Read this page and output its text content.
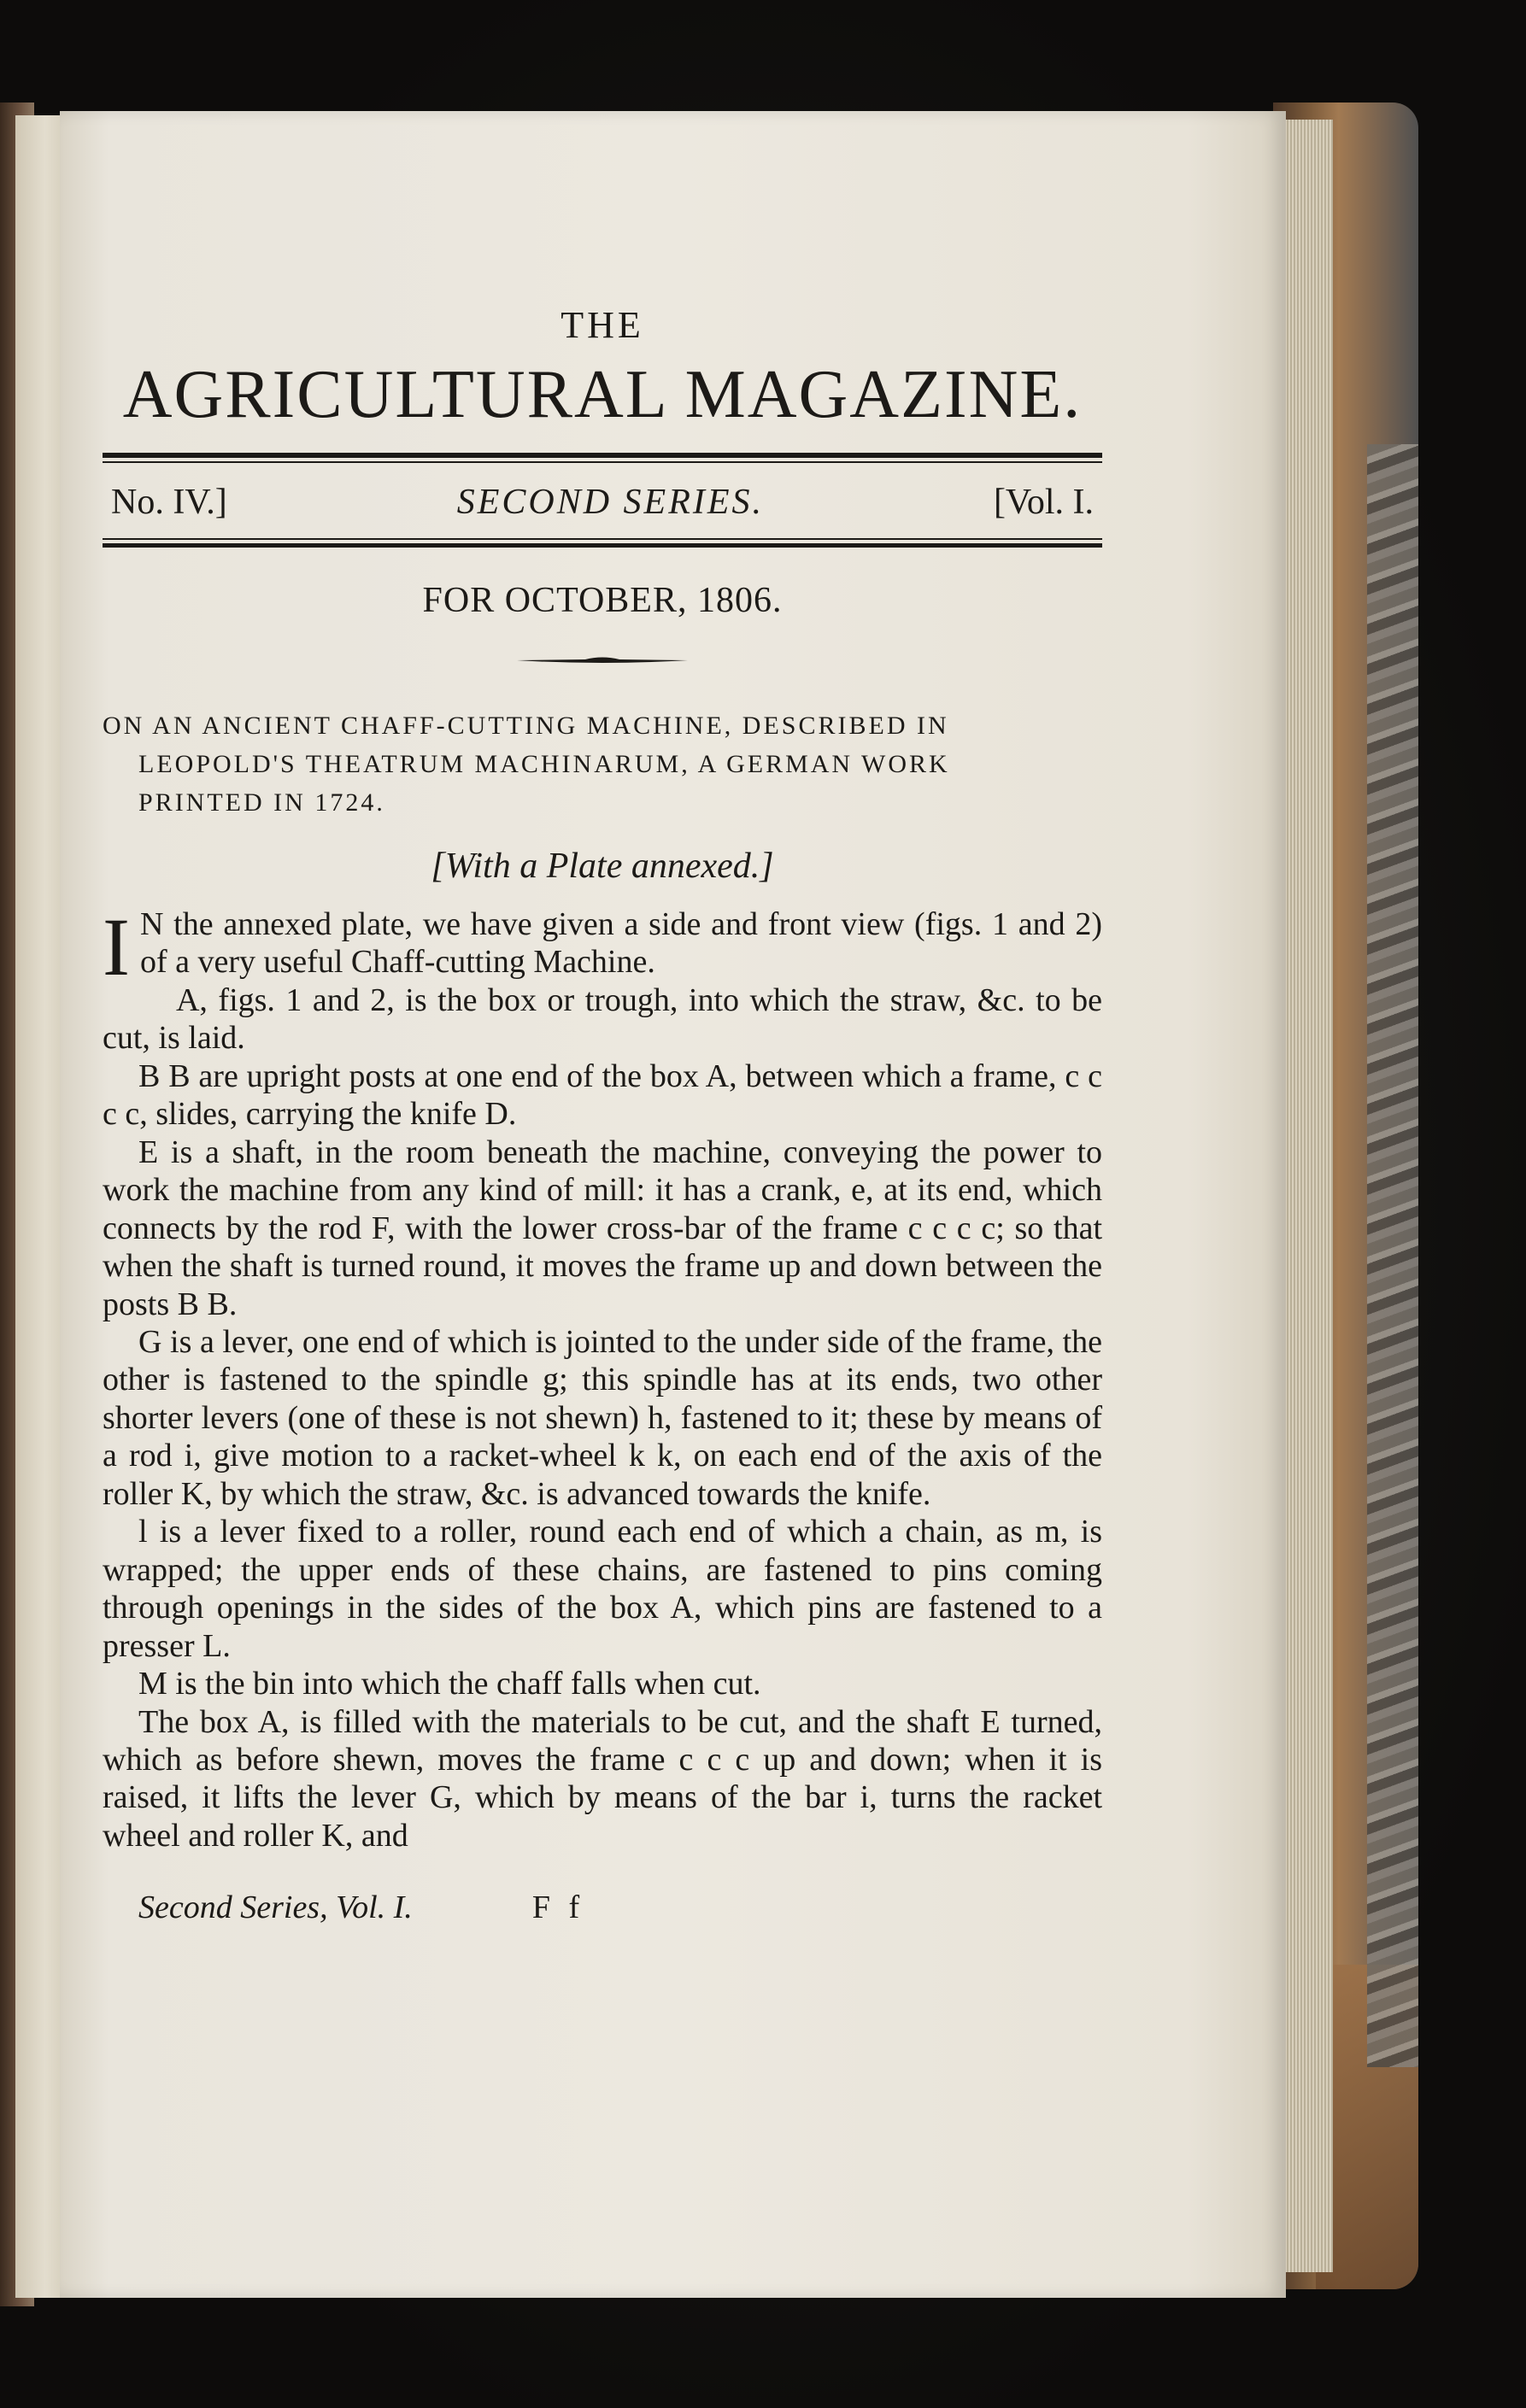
THE
AGRICULTURAL MAGAZINE.
No. IV.]	SECOND SERIES.	[Vol. I.
FOR OCTOBER, 1806.
ON AN ANCIENT CHAFF-CUTTING MACHINE, DESCRIBED IN
LEOPOLD'S THEATRUM MACHINARUM, A GERMAN WORK
PRINTED IN 1724.
[With a Plate annexed.]

I N the annexed plate, we have given a side and front view (figs. 1 and 2) of a very useful Chaff-cutting Machine.

A, figs. 1 and 2, is the box or trough, into which the straw, &c. to be cut, is laid.

B B are upright posts at one end of the box A, between which a frame, c c c c, slides, carrying the knife D.

E is a shaft, in the room beneath the machine, conveying the power to work the machine from any kind of mill: it has a crank, e, at its end, which connects by the rod F, with the lower cross-bar of the frame c c c c; so that when the shaft is turned round, it moves the frame up and down between the posts B B.

G is a lever, one end of which is jointed to the under side of the frame, the other is fastened to the spindle g; this spindle has at its ends, two other shorter levers (one of these is not shewn) h, fastened to it; these by means of a rod i, give motion to a racket-wheel k k, on each end of the axis of the roller K, by which the straw, &c. is advanced towards the knife.

l is a lever fixed to a roller, round each end of which a chain, as m, is wrapped; the upper ends of these chains, are fastened to pins coming through openings in the sides of the box A, which pins are fastened to a presser L.

M is the bin into which the chaff falls when cut.

The box A, is filled with the materials to be cut, and the shaft E turned, which as before shewn, moves the frame c c c up and down; when it is raised, it lifts the lever G, which by means of the bar i, turns the racket wheel and roller K, and

Second Series, Vol. I.	F f
